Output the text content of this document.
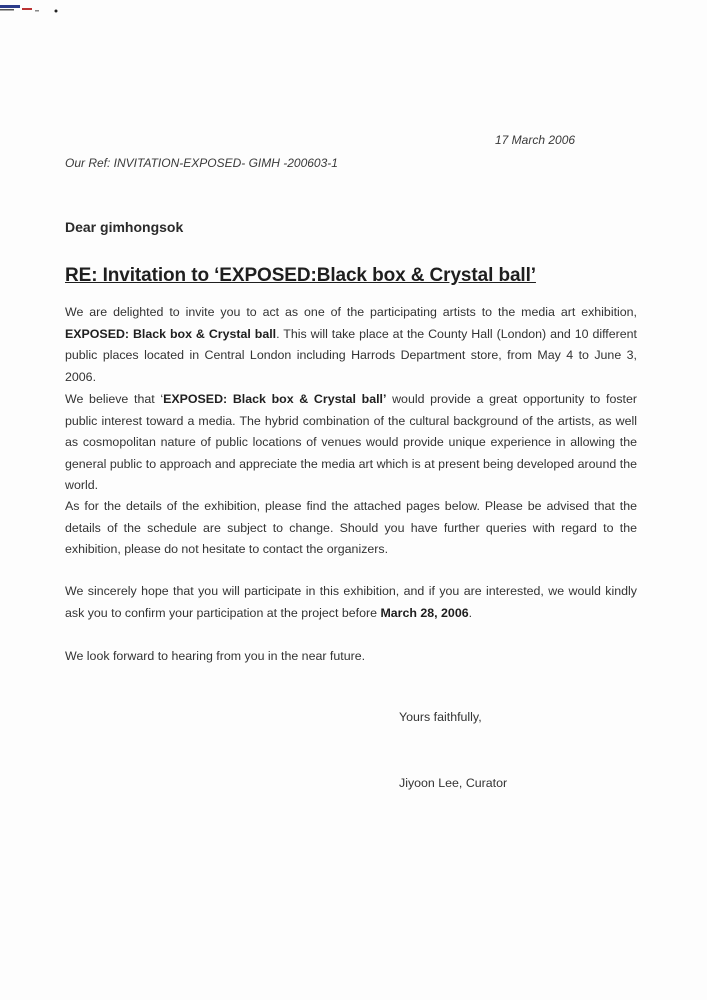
17 March 2006
Our Ref: INVITATION-EXPOSED- GIMH -200603-1
Dear gimhongsok
RE: Invitation to ‘EXPOSED:Black box & Crystal ball’
We are delighted to invite you to act as one of the participating artists to the media art exhibition, EXPOSED: Black box & Crystal ball. This will take place at the County Hall (London) and 10 different public places located in Central London including Harrods Department store, from May 4 to June 3, 2006.
We believe that ‘EXPOSED: Black box & Crystal ball’ would provide a great opportunity to foster public interest toward a media. The hybrid combination of the cultural background of the artists, as well as cosmopolitan nature of public locations of venues would provide unique experience in allowing the general public to approach and appreciate the media art which is at present being developed around the world.
As for the details of the exhibition, please find the attached pages below. Please be advised that the details of the schedule are subject to change. Should you have further queries with regard to the exhibition, please do not hesitate to contact the organizers.
We sincerely hope that you will participate in this exhibition, and if you are interested, we would kindly ask you to confirm your participation at the project before March 28, 2006.
We look forward to hearing from you in the near future.
Yours faithfully,
Jiyoon Lee, Curator
